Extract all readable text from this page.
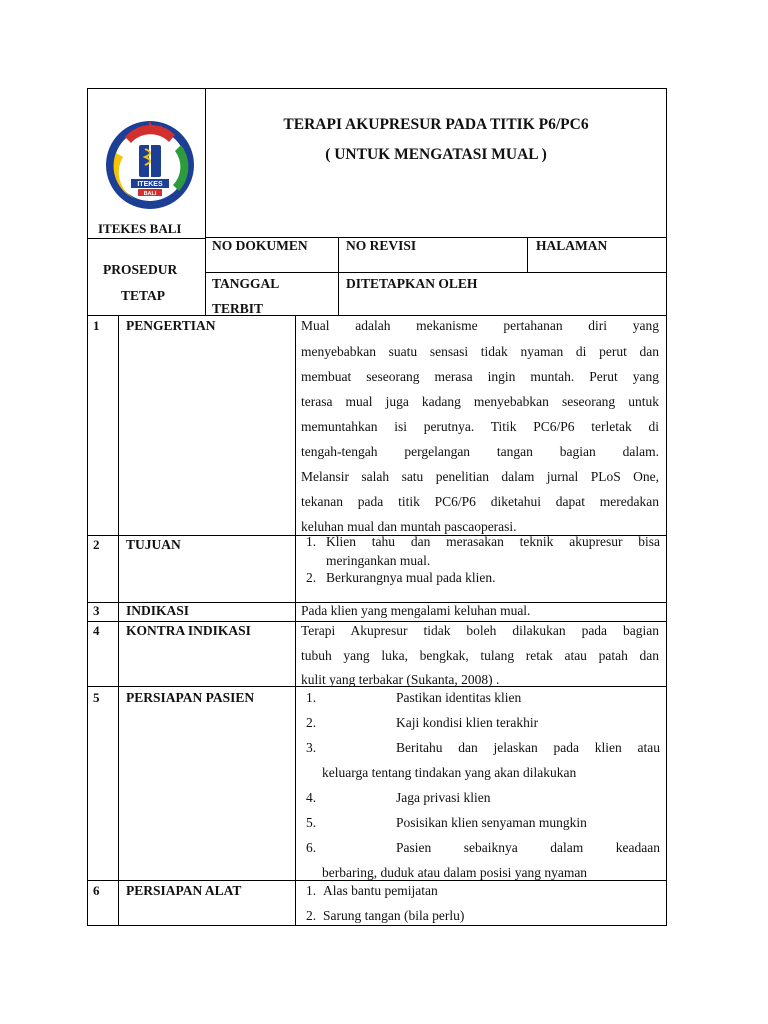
ITEKES
BALI
ITEKES BALI
TERAPI AKUPRESUR PADA TITIK P6/PC6
( UNTUK MENGATASI MUAL )
PROSEDUR
TETAP
NO DOKUMEN	NO REVISI	HALAMAN
TANGGAL
TERBIT
DITETAPKAN OLEH
1 PENGERTIAN	Mual adalah mekanisme pertahanan diri yang
menyebabkan suatu sensasi tidak nyaman di perut dan
membuat seseorang merasa ingin muntah. Perut yang
terasa mual juga kadang menyebabkan seseorang untuk
memuntahkan isi perutnya. Titik PC6/P6 terletak di
tengah-tengah pergelangan tangan bagian dalam.
Melansir salah satu penelitian dalam jurnal PLoS One,
tekanan pada titik PC6/P6 diketahui dapat meredakan
keluhan mual dan muntah pascaoperasi.
2 TUJUAN	1. Klien tahu dan merasakan teknik akupresur bisa
meringankan mual.
2. Berkurangnya mual pada klien.
3 INDIKASI	Pada klien yang mengalami keluhan mual.
4 KONTRA INDIKASI	Terapi Akupresur tidak boleh dilakukan pada bagian
tubuh yang luka, bengkak, tulang retak atau patah dan
kulit yang terbakar (Sukanta, 2008) .
5 PERSIAPAN PASIEN	1.	Pastikan identitas klien
2.	Kaji kondisi klien terakhir
3.	Beritahu dan jelaskan pada klien atau
keluarga tentang tindakan yang akan dilakukan
4.	Jaga privasi klien
5.	Posisikan klien senyaman mungkin
6.	Pasien sebaiknya dalam keadaan
berbaring, duduk atau dalam posisi yang nyaman
6 PERSIAPAN ALAT	1. Alas bantu pemijatan
2. Sarung tangan (bila perlu)
